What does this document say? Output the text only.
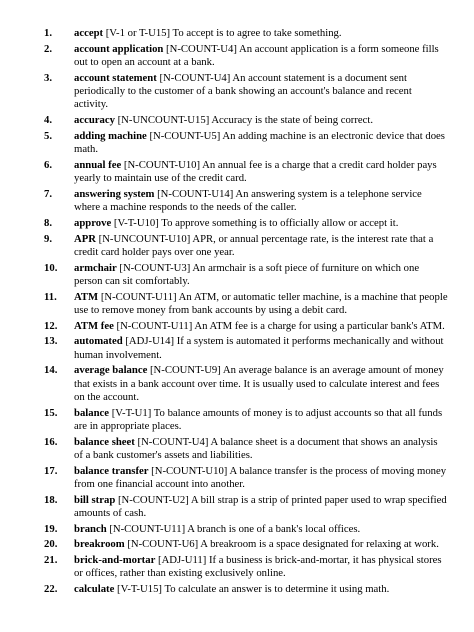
1.	accept [V-1 or T-U15] To accept is to agree to take something.
2.	account application [N-COUNT-U4] An account application is a form someone fills out to open an account at a bank.
3.	account statement [N-COUNT-U4] An account statement is a document sent periodically to the customer of a bank showing an account's balance and recent activity.
4.	accuracy [N-UNCOUNT-U15] Accuracy is the state of being correct.
5.	adding machine [N-COUNT-U5] An adding machine is an electronic device that does math.
6.	annual fee [N-COUNT-U10] An annual fee is a charge that a credit card holder pays yearly to maintain use of the credit card.
7.	answering system [N-COUNT-U14] An answering system is a telephone service where a machine responds to the needs of the caller.
8.	approve [V-T-U10] To approve something is to officially allow or accept it.
9.	APR [N-UNCOUNT-U10] APR, or annual percentage rate, is the interest rate that a credit card holder pays over one year.
10.	armchair [N-COUNT-U3] An armchair is a soft piece of furniture on which one person can sit comfortably.
11.	ATM [N-COUNT-U11] An ATM, or automatic teller machine, is a machine that people use to remove money from bank accounts by using a debit card.
12.	ATM fee [N-COUNT-U11] An ATM fee is a charge for using a particular bank's ATM.
13.	automated [ADJ-U14] If a system is automated it performs mechanically and without human involvement.
14.	average balance [N-COUNT-U9] An average balance is an average amount of money that exists in a bank account over time. It is usually used to calculate interest and fees on the account.
15.	balance [V-T-U1] To balance amounts of money is to adjust accounts so that all funds are in appropriate places.
16.	balance sheet [N-COUNT-U4] A balance sheet is a document that shows an analysis of a bank customer's assets and liabilities.
17.	balance transfer [N-COUNT-U10] A balance transfer is the process of moving money from one financial account into another.
18.	bill strap [N-COUNT-U2] A bill strap is a strip of printed paper used to wrap specified amounts of cash.
19.	branch [N-COUNT-U11] A branch is one of a bank's local offices.
20.	breakroom [N-COUNT-U6] A breakroom is a space designated for relaxing at work.
21.	brick-and-mortar [ADJ-U11] If a business is brick-and-mortar, it has physical stores or offices, rather than existing exclusively online.
22.	calculate [V-T-U15] To calculate an answer is to determine it using math.
